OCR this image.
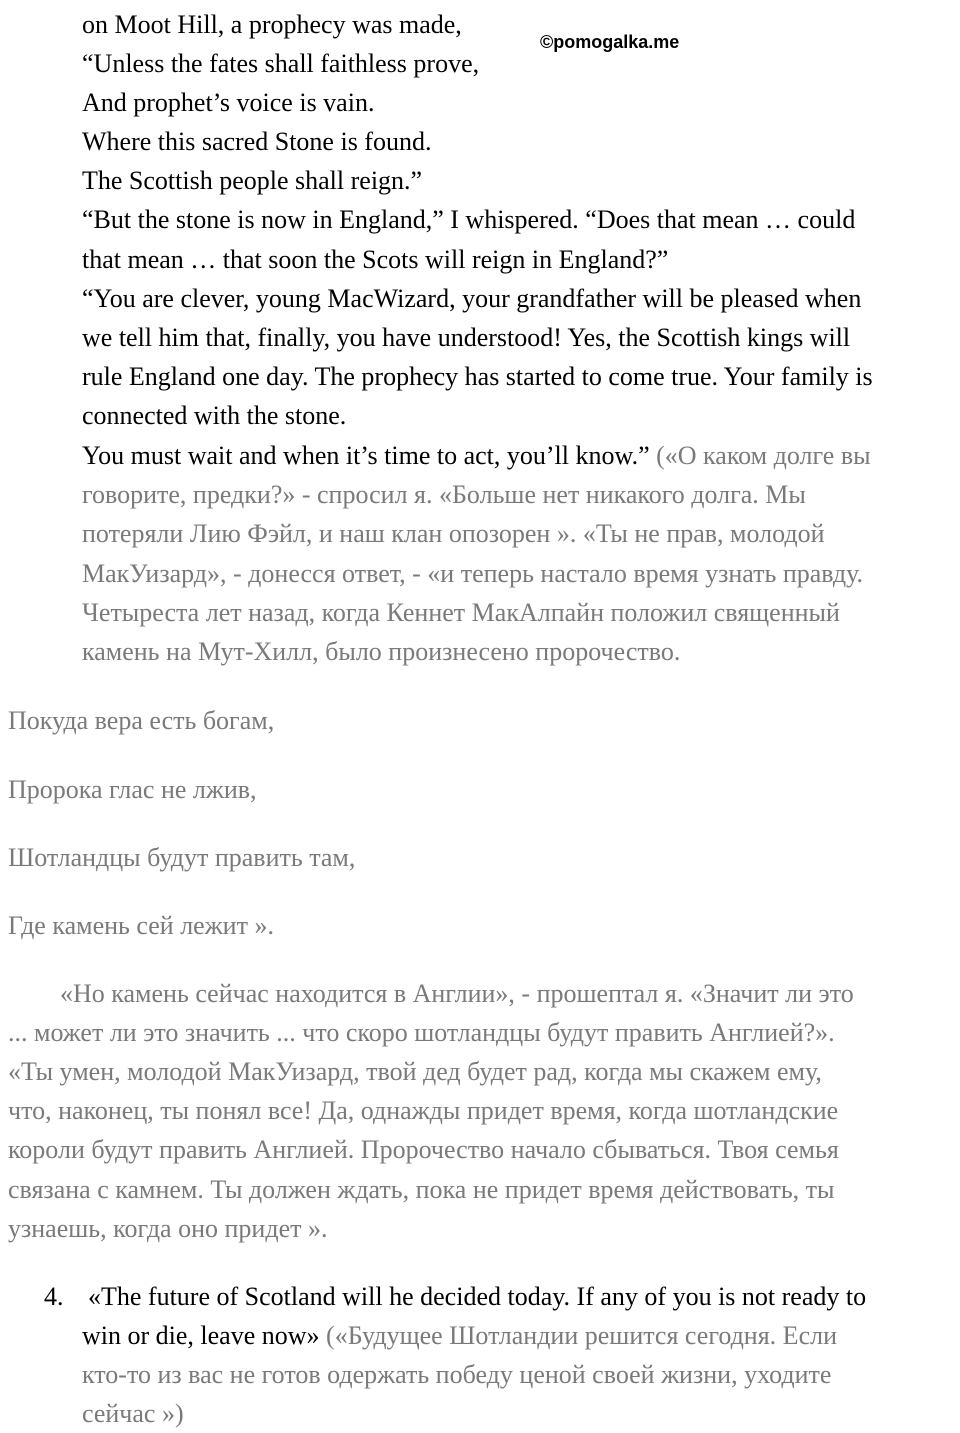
©pomogalka.me
on Moot Hill, a prophecy was made,
“Unless the fates shall faithless prove,
And prophet’s voice is vain.
Where this sacred Stone is found.
The Scottish people shall reign.”
“But the stone is now in England,” I whispered. “Does that mean … could
that mean … that soon the Scots will reign in England?”
“You are clever, young MacWizard, your grandfather will be pleased when
we tell him that, finally, you have understood! Yes, the Scottish kings will
rule England one day. The prophecy has started to come true. Your family is
connected with the stone.
You must wait and when it’s time to act, you’ll know.” («О каком долге вы
говорите, предки?» - спросил я. «Больше нет никакого долга. Мы
потеряли Лию Фэйл, и наш клан опозорен ». «Ты не прав, молодой
МакУизард», - донесся ответ, - «и теперь настало время узнать правду.
Четыреста лет назад, когда Кеннет МакАлпайн положил священный
камень на Мут-Хилл, было произнесено пророчество.
Покуда вера есть богам,
Пророка глас не лжив,
Шотландцы будут править там,
Где камень сей лежит ».
«Но камень сейчас находится в Англии», - прошептал я. «Значит ли это
... может ли это значить ... что скоро шотландцы будут править Англией?».
«Ты умен, молодой МакУизард, твой дед будет рад, когда мы скажем ему,
что, наконец, ты понял все! Да, однажды придет время, когда шотландские
короли будут править Англией. Пророчество начало сбываться. Твоя семья
связана с камнем. Ты должен ждать, пока не придет время действовать, ты
узнаешь, когда оно придет ».
4. «The future of Scotland will he decided today. If any of you is not ready to
win or die, leave now» («Будущее Шотландии решится сегодня. Если
кто-то из вас не готов одержать победу ценой своей жизни, уходите
сейчас »)
